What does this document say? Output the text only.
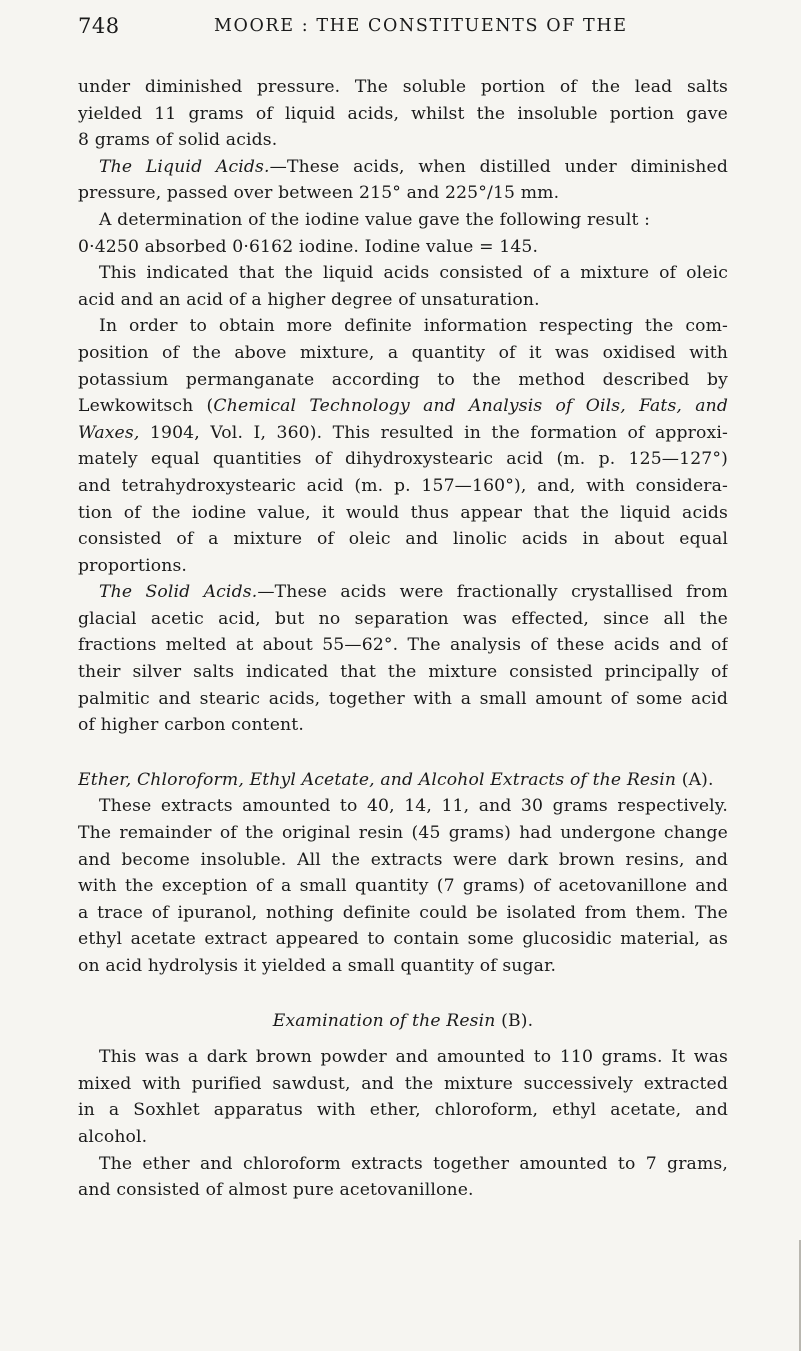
748	MOORE : THE CONSTITUENTS OF THE
under diminished pressure. The soluble portion of the lead salts
yielded 11 grams of liquid acids, whilst the insoluble portion gave
8 grams of solid acids.
The Liquid Acids.—These acids, when distilled under diminished
pressure, passed over between 215° and 225°/15 mm.
A determination of the iodine value gave the following result :
0·4250 absorbed 0·6162 iodine. Iodine value = 145.
This indicated that the liquid acids consisted of a mixture of oleic
acid and an acid of a higher degree of unsaturation.
In order to obtain more definite information respecting the com-
position of the above mixture, a quantity of it was oxidised with
potassium permanganate according to the method described by
Lewkowitsch (Chemical Technology and Analysis of Oils, Fats, and
Waxes, 1904, Vol. I, 360). This resulted in the formation of approxi-
mately equal quantities of dihydroxystearic acid (m. p. 125—127°)
and tetrahydroxystearic acid (m. p. 157—160°), and, with considera-
tion of the iodine value, it would thus appear that the liquid acids
consisted of a mixture of oleic and linolic acids in about equal
proportions.
The Solid Acids.—These acids were fractionally crystallised from
glacial acetic acid, but no separation was effected, since all the
fractions melted at about 55—62°. The analysis of these acids and of
their silver salts indicated that the mixture consisted principally of
palmitic and stearic acids, together with a small amount of some acid
of higher carbon content.
Ether, Chloroform, Ethyl Acetate, and Alcohol Extracts of the Resin (A).
These extracts amounted to 40, 14, 11, and 30 grams respectively.
The remainder of the original resin (45 grams) had undergone change
and become insoluble. All the extracts were dark brown resins, and
with the exception of a small quantity (7 grams) of acetovanillone and
a trace of ipuranol, nothing definite could be isolated from them. The
ethyl acetate extract appeared to contain some glucosidic material, as
on acid hydrolysis it yielded a small quantity of sugar.
Examination of the Resin (B).
This was a dark brown powder and amounted to 110 grams. It was
mixed with purified sawdust, and the mixture successively extracted
in a Soxhlet apparatus with ether, chloroform, ethyl acetate, and
alcohol.
The ether and chloroform extracts together amounted to 7 grams,
and consisted of almost pure acetovanillone.
